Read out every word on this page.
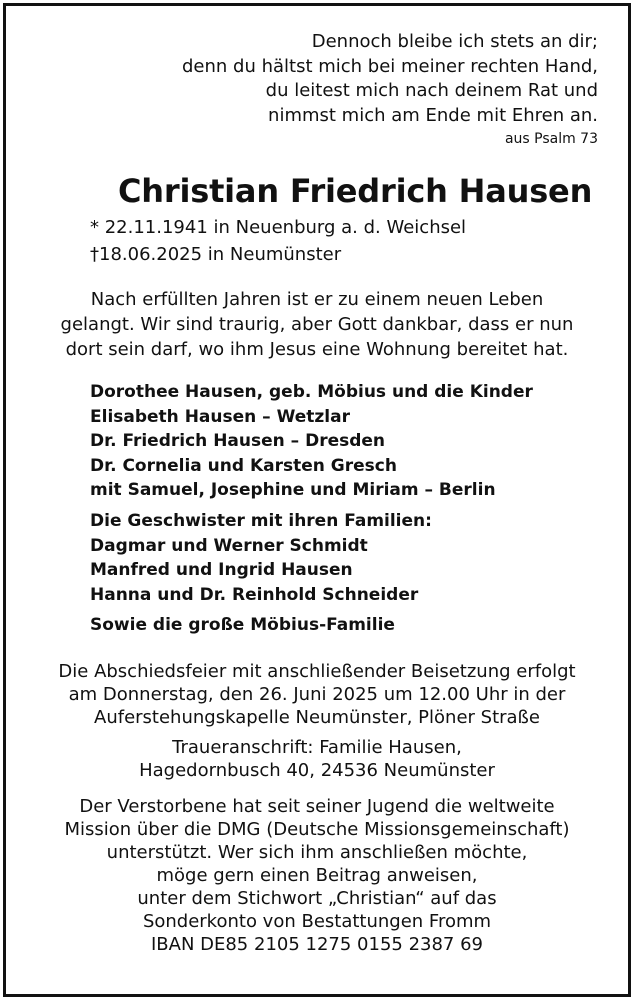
Dennoch bleibe ich stets an dir;
denn du hältst mich bei meiner rechten Hand,
du leitest mich nach deinem Rat und
nimmst mich am Ende mit Ehren an.
aus Psalm 73
Christian Friedrich Hausen
* 22.11.1941 in Neuenburg a. d. Weichsel
†18.06.2025 in Neumünster
Nach erfüllten Jahren ist er zu einem neuen Leben
gelangt. Wir sind traurig, aber Gott dankbar, dass er nun
dort sein darf, wo ihm Jesus eine Wohnung bereitet hat.
Dorothee Hausen, geb. Möbius und die Kinder
Elisabeth Hausen – Wetzlar
Dr. Friedrich Hausen – Dresden
Dr. Cornelia und Karsten Gresch
mit Samuel, Josephine und Miriam – Berlin
Die Geschwister mit ihren Familien:
Dagmar und Werner Schmidt
Manfred und Ingrid Hausen
Hanna und Dr. Reinhold Schneider
Sowie die große Möbius-Familie
Die Abschiedsfeier mit anschließender Beisetzung erfolgt
am Donnerstag, den 26. Juni 2025 um 12.00 Uhr in der
Auferstehungskapelle Neumünster, Plöner Straße
Traueranschrift: Familie Hausen,
Hagedornbusch 40, 24536 Neumünster
Der Verstorbene hat seit seiner Jugend die weltweite
Mission über die DMG (Deutsche Missionsgemeinschaft)
unterstützt. Wer sich ihm anschließen möchte,
möge gern einen Beitrag anweisen,
unter dem Stichwort „Christian“ auf das
Sonderkonto von Bestattungen Fromm
IBAN DE85 2105 1275 0155 2387 69
